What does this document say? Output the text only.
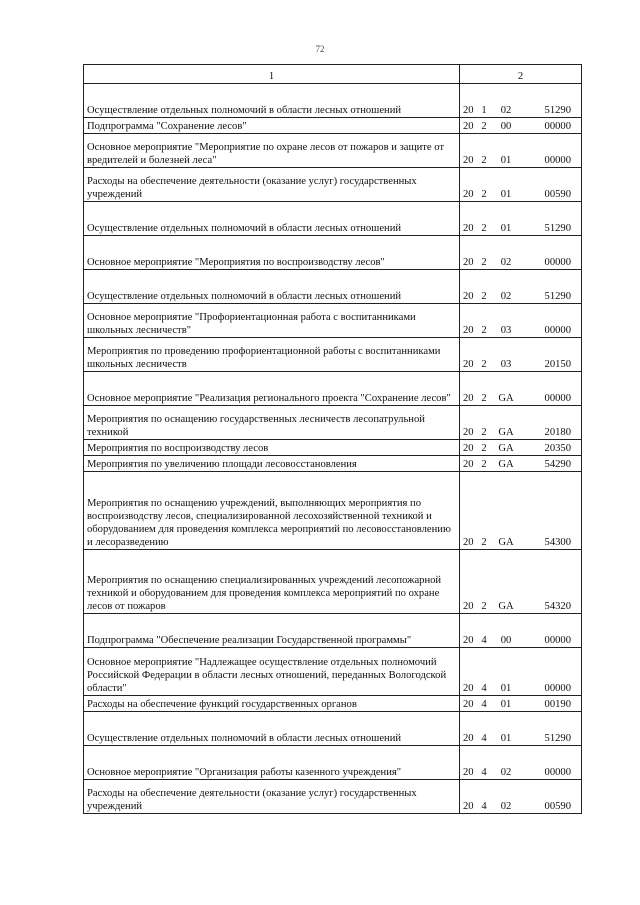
72
1	2
Осуществление отдельных полномочий в области лесных отношений	20 1 02 51290
Подпрограмма "Сохранение лесов"	20 2 00 00000
Основное мероприятие "Мероприятие по охране лесов от пожаров и защите от вредителей и болезней леса"	20 2 01 00000
Расходы на обеспечение деятельности (оказание услуг) государственных учреждений	20 2 01 00590
Осуществление отдельных полномочий в области лесных отношений	20 2 01 51290
Основное мероприятие "Мероприятия по воспроизводству лесов"	20 2 02 00000
Осуществление отдельных полномочий в области лесных отношений	20 2 02 51290
Основное мероприятие "Профориентационная работа с воспитанниками школьных лесничеств"	20 2 03 00000
Мероприятия по проведению профориентационной работы с воспитанниками школьных лесничеств	20 2 03 20150
Основное мероприятие "Реализация регионального проекта "Сохранение лесов"	20 2 GA 00000
Мероприятия по оснащению государственных лесничеств лесопатрульной техникой	20 2 GA 20180
Мероприятия по воспроизводству лесов	20 2 GA 20350
Мероприятия по увеличению площади лесовосстановления	20 2 GA 54290
Мероприятия по оснащению учреждений, выполняющих мероприятия по воспроизводству лесов, специализированной лесохозяйственной техникой и оборудованием для проведения комплекса мероприятий по лесовосстановлению и лесоразведению	20 2 GA 54300
Мероприятия по оснащению специализированных учреждений лесопожарной техникой и оборудованием для проведения комплекса мероприятий по охране лесов от пожаров	20 2 GA 54320
Подпрограмма "Обеспечение реализации Государственной программы"	20 4 00 00000
Основное мероприятие "Надлежащее осуществление отдельных полномочий Российской Федерации в области лесных отношений, переданных Вологодской области"	20 4 01 00000
Расходы на обеспечение функций государственных органов	20 4 01 00190
Осуществление отдельных полномочий в области лесных отношений	20 4 01 51290
Основное мероприятие "Организация работы казенного учреждения"	20 4 02 00000
Расходы на обеспечение деятельности (оказание услуг) государственных учреждений	20 4 02 00590
